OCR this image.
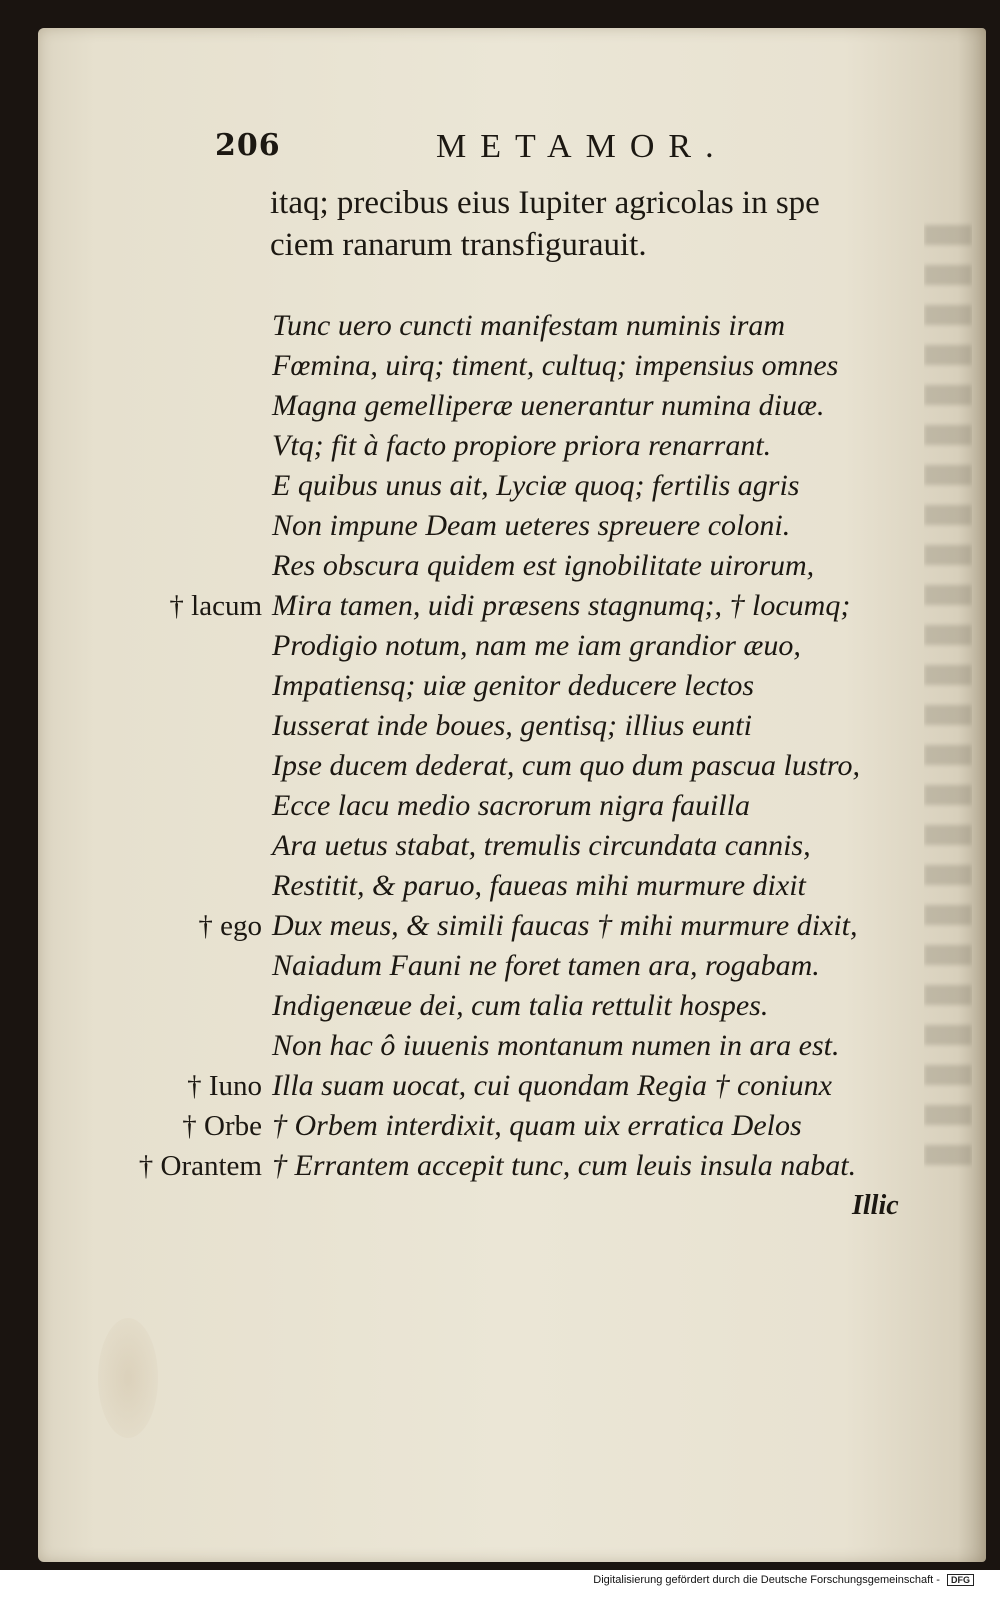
206	METAMOR.
itaq; precibus eius Iupiter agricolas in spe
ciem ranarum transfigurauit.
Tunc uero cuncti manifestam numinis iram
Fœmina, uirq; timent, cultuq; impensius omnes
Magna gemelliperæ uenerantur numina diuæ.
Vtq; fit à facto propiore priora renarrant.
E quibus unus ait, Lyciæ quoq; fertilis agris
Non impune Deam ueteres spreuere coloni.
Res obscura quidem est ignobilitate uirorum,
Mira tamen, uidi præsens stagnumq;, † locumq;
Prodigio notum, nam me iam grandior æuo,
Impatiensq; uiæ genitor deducere lectos
Iusserat inde boues, gentisq; illius eunti
Ipse ducem dederat, cum quo dum pascua lustro,
Ecce lacu medio sacrorum nigra fauilla
Ara uetus stabat, tremulis circundata cannis,
Restitit, & paruo, faueas mihi murmure dixit
Dux meus, & simili faucas † mihi murmure dixit,
Naiadum Fauni ne foret tamen ara, rogabam.
Indigenæue dei, cum talia rettulit hospes.
Non hac ô iuuenis montanum numen in ara est.
Illa suam uocat, cui quondam Regia † coniunx
† Orbem interdixit, quam uix erratica Delos
† Errantem accepit tunc, cum leuis insula nabat.
† lacum
† ego
† Iuno
† Orbe
† Orantem
Illic
Digitalisierung gefördert durch die Deutsche Forschungsgemeinschaft - DFG
